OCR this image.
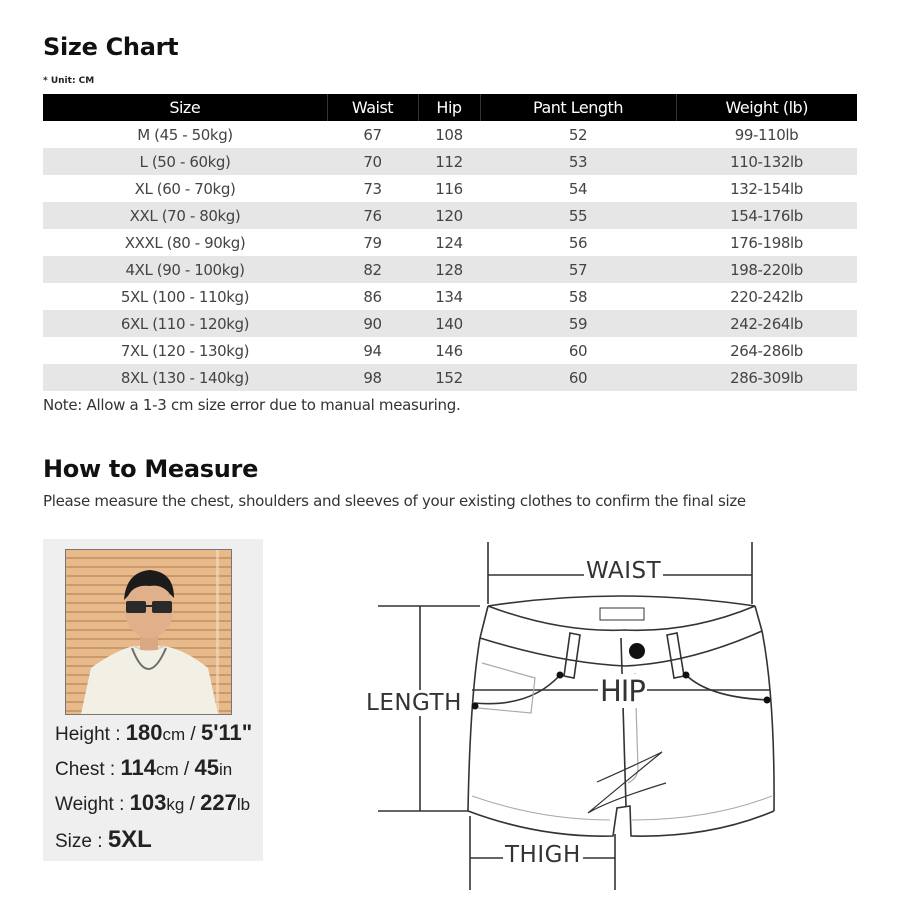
Size Chart
* Unit: CM
Size	Waist	Hip	Pant Length	Weight (lb)
M (45 - 50kg)	67	108	52	99-110lb
L (50 - 60kg)	70	112	53	110-132lb
XL (60 - 70kg)	73	116	54	132-154lb
XXL (70 - 80kg)	76	120	55	154-176lb
XXXL (80 - 90kg)	79	124	56	176-198lb
4XL (90 - 100kg)	82	128	57	198-220lb
5XL (100 - 110kg)	86	134	58	220-242lb
6XL (110 - 120kg)	90	140	59	242-264lb
7XL (120 - 130kg)	94	146	60	264-286lb
8XL (130 - 140kg)	98	152	60	286-309lb
Note: Allow a 1-3 cm size error due to manual measuring.
How to Measure
Please measure the chest, shoulders and sleeves of your existing clothes to confirm the final size
Height : 180cm / 5'11"
Chest : 114cm / 45in
Weight : 103kg / 227lb
Size : 5XL
WAIST
HIP
LENGTH
THIGH
